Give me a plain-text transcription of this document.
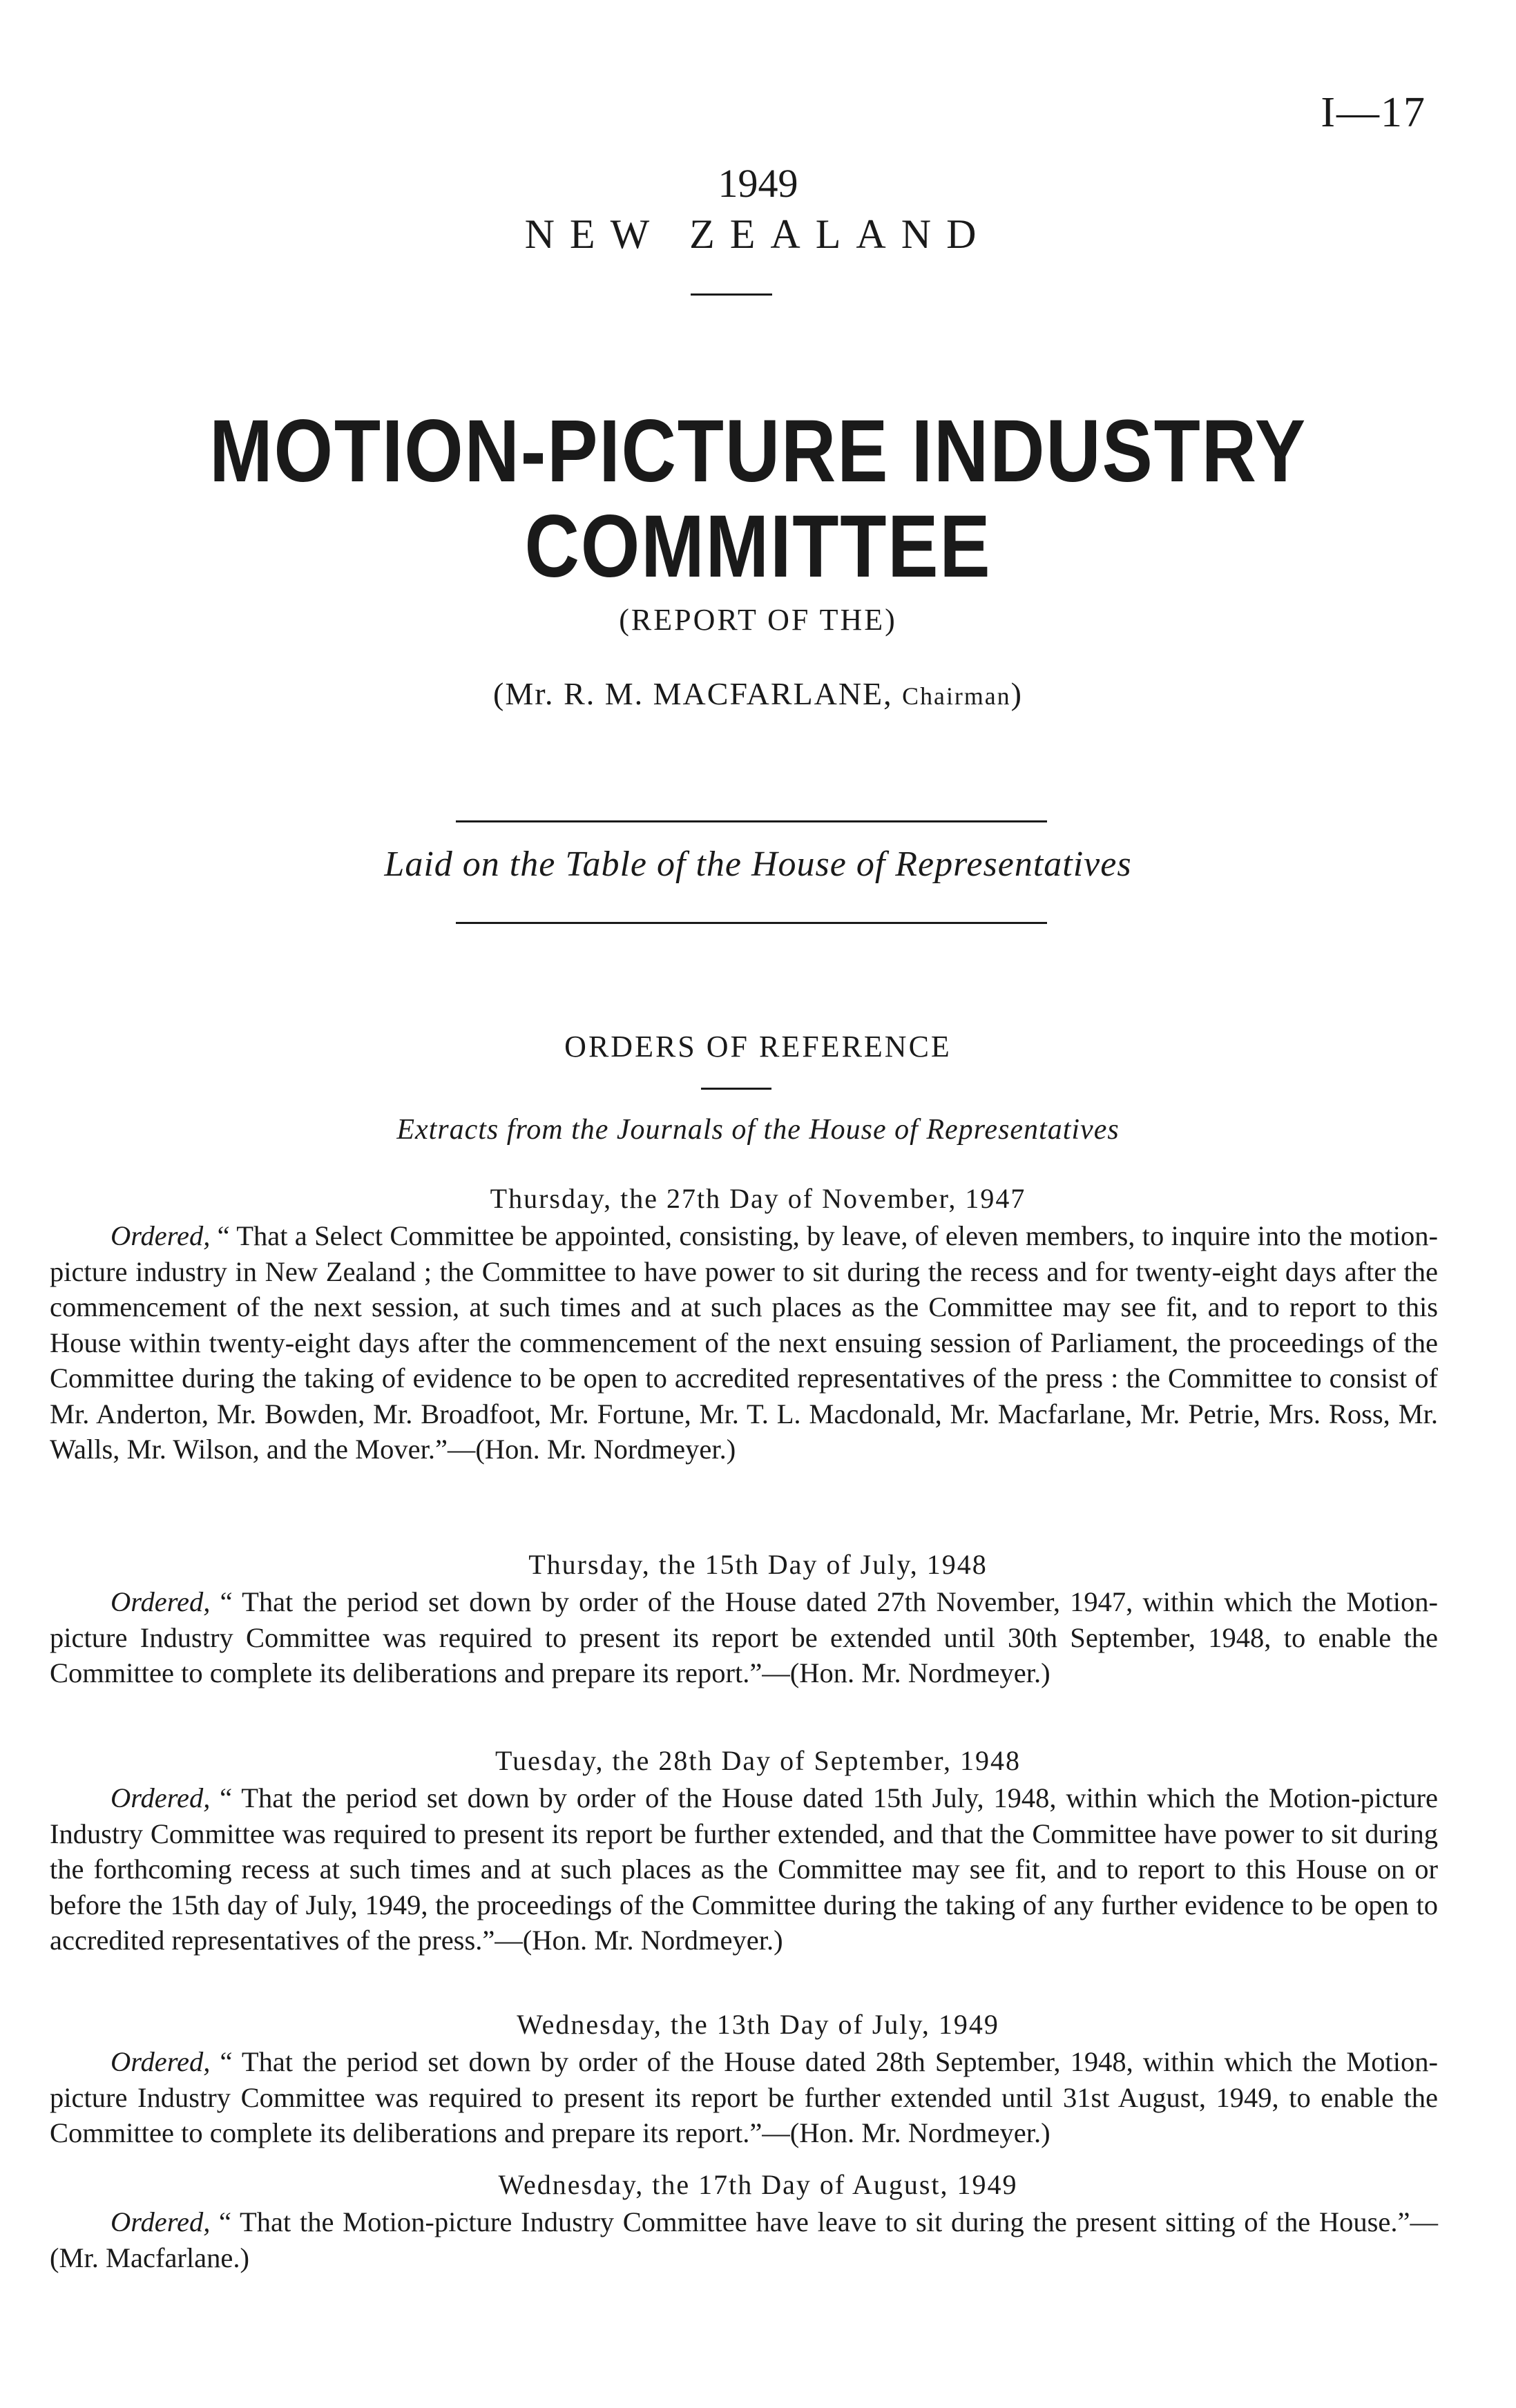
I—17
1949
NEW ZEALAND
MOTION-PICTURE INDUSTRY
COMMITTEE
(REPORT OF THE)
(Mr. R. M. MACFARLANE, Chairman)
Laid on the Table of the House of Representatives
ORDERS OF REFERENCE
Extracts from the Journals of the House of Representatives
Thursday, the 27th Day of November, 1947
Ordered, “ That a Select Committee be appointed, consisting, by leave, of eleven members, to inquire into the motion-picture industry in New Zealand ; the Committee to have power to sit during the recess and for twenty-eight days after the commencement of the next session, at such times and at such places as the Committee may see fit, and to report to this House within twenty-eight days after the commencement of the next ensuing session of Parliament, the proceedings of the Committee during the taking of evidence to be open to accredited representatives of the press : the Committee to consist of Mr. Anderton, Mr. Bowden, Mr. Broadfoot, Mr. Fortune, Mr. T. L. Macdonald, Mr. Macfarlane, Mr. Petrie, Mrs. Ross, Mr. Walls, Mr. Wilson, and the Mover.”—(Hon. Mr. Nordmeyer.)
Thursday, the 15th Day of July, 1948
Ordered, “ That the period set down by order of the House dated 27th November, 1947, within which the Motion-picture Industry Committee was required to present its report be extended until 30th September, 1948, to enable the Committee to complete its deliberations and prepare its report.”—(Hon. Mr. Nordmeyer.)
Tuesday, the 28th Day of September, 1948
Ordered, “ That the period set down by order of the House dated 15th July, 1948, within which the Motion-picture Industry Committee was required to present its report be further extended, and that the Committee have power to sit during the forthcoming recess at such times and at such places as the Committee may see fit, and to report to this House on or before the 15th day of July, 1949, the proceedings of the Committee during the taking of any further evidence to be open to accredited representatives of the press.”—(Hon. Mr. Nordmeyer.)
Wednesday, the 13th Day of July, 1949
Ordered, “ That the period set down by order of the House dated 28th September, 1948, within which the Motion-picture Industry Committee was required to present its report be further extended until 31st August, 1949, to enable the Committee to complete its deliberations and prepare its report.”—(Hon. Mr. Nordmeyer.)
Wednesday, the 17th Day of August, 1949
Ordered, “ That the Motion-picture Industry Committee have leave to sit during the present sitting of the House.”—(Mr. Macfarlane.)
